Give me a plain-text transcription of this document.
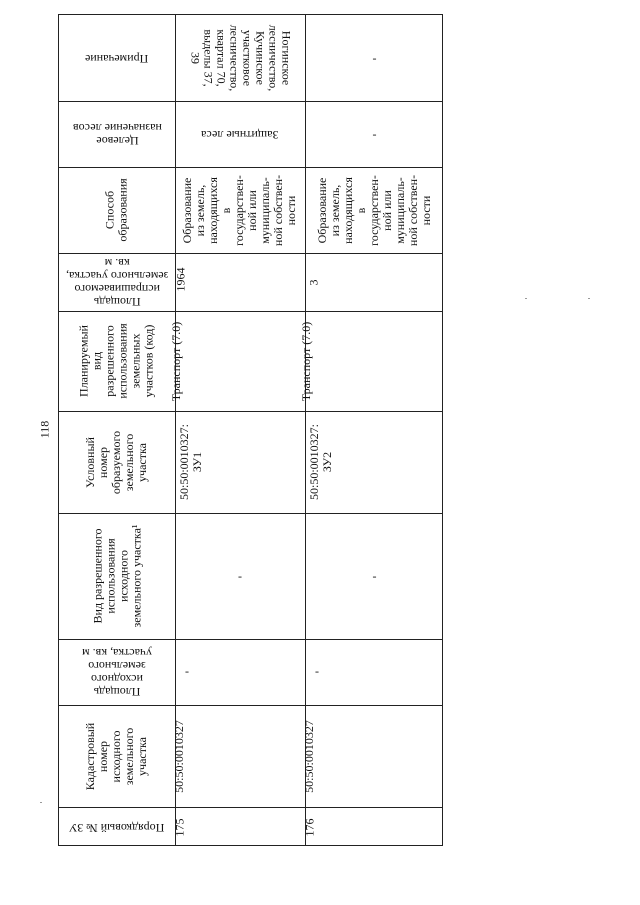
118
Примечание
Целевое
назначение лесов
Способ
образования
Площадь
испрашиваемого
земельного участка,
кв. м
Планируемый
вид
разрешенного
использования
земельных
участков (код)
Условный
номер
образуемого
земельного
участка
Вид разрешенного
использования
исходного
земельного участка¹
Площадь
исходного
земельного
участка, кв. м
Кадастровый
номер
исходного
земельного
участка
Порядковый № ЗУ
Ногинское
лесничество,
Кучинское
участковое
лесничество,
квартал 70,
выделы 37,
39
Защитные леса
Образование
из земель,
находящихся
в
государствен-
ной или
муниципаль-
ной собствен-
ности
1964
Транспорт (7.0)
50:50:0010327:
ЗУ1
-
-
50:50:0010327
175
-
-
Образование
из земель,
находящихся
в
государствен-
ной или
муниципаль-
ной собствен-
ности
3
Транспорт (7.0)
50:50:0010327:
ЗУ2
-
-
50:50:0010327
176
